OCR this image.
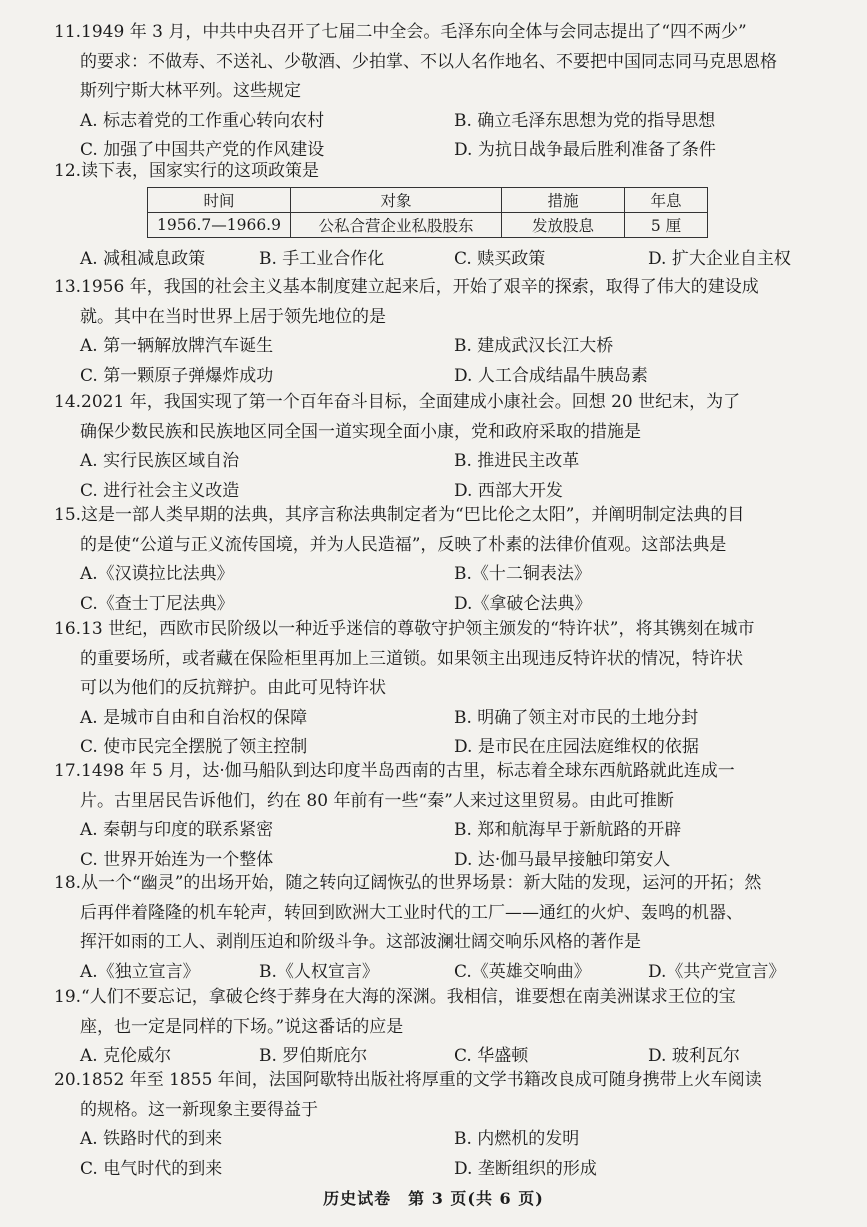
11.1949 年 3 月，中共中央召开了七届二中全会。毛泽东向全体与会同志提出了“四不两少”
的要求：不做寿、不送礼、少敬酒、少拍掌、不以人名作地名、不要把中国同志同马克思恩格
斯列宁斯大林平列。这些规定
A. 标志着党的工作重心转向农村	B. 确立毛泽东思想为党的指导思想
C. 加强了中国共产党的作风建设	D. 为抗日战争最后胜利准备了条件
12.读下表，国家实行的这项政策是
时间	对象	措施	年息
1956.7—1966.9	公私合营企业私股股东	发放股息	5 厘
A. 减租减息政策	B. 手工业合作化	C. 赎买政策	D. 扩大企业自主权
13.1956 年，我国的社会主义基本制度建立起来后，开始了艰辛的探索，取得了伟大的建设成
就。其中在当时世界上居于领先地位的是
A. 第一辆解放牌汽车诞生	B. 建成武汉长江大桥
C. 第一颗原子弹爆炸成功	D. 人工合成结晶牛胰岛素
14.2021 年，我国实现了第一个百年奋斗目标，全面建成小康社会。回想 20 世纪末，为了
确保少数民族和民族地区同全国一道实现全面小康，党和政府采取的措施是
A. 实行民族区域自治	B. 推进民主改革
C. 进行社会主义改造	D. 西部大开发
15.这是一部人类早期的法典，其序言称法典制定者为“巴比伦之太阳”，并阐明制定法典的目
的是使“公道与正义流传国境，并为人民造福”，反映了朴素的法律价值观。这部法典是
A.《汉谟拉比法典》	B.《十二铜表法》
C.《查士丁尼法典》	D.《拿破仑法典》
16.13 世纪，西欧市民阶级以一种近乎迷信的尊敬守护领主颁发的“特许状”，将其镌刻在城市
的重要场所，或者藏在保险柜里再加上三道锁。如果领主出现违反特许状的情况，特许状
可以为他们的反抗辩护。由此可见特许状
A. 是城市自由和自治权的保障	B. 明确了领主对市民的土地分封
C. 使市民完全摆脱了领主控制	D. 是市民在庄园法庭维权的依据
17.1498 年 5 月，达·伽马船队到达印度半岛西南的古里，标志着全球东西航路就此连成一
片。古里居民告诉他们，约在 80 年前有一些“秦”人来过这里贸易。由此可推断
A. 秦朝与印度的联系紧密	B. 郑和航海早于新航路的开辟
C. 世界开始连为一个整体	D. 达·伽马最早接触印第安人
18.从一个“幽灵”的出场开始，随之转向辽阔恢弘的世界场景：新大陆的发现，运河的开拓；然
后再伴着隆隆的机车轮声，转回到欧洲大工业时代的工厂——通红的火炉、轰鸣的机器、
挥汗如雨的工人、剥削压迫和阶级斗争。这部波澜壮阔交响乐风格的著作是
A.《独立宣言》	B.《人权宣言》	C.《英雄交响曲》	D.《共产党宣言》
19.“人们不要忘记，拿破仑终于葬身在大海的深渊。我相信，谁要想在南美洲谋求王位的宝
座，也一定是同样的下场。”说这番话的应是
A. 克伦威尔	B. 罗伯斯庇尔	C. 华盛顿	D. 玻利瓦尔
20.1852 年至 1855 年间，法国阿歇特出版社将厚重的文学书籍改良成可随身携带上火车阅读
的规格。这一新现象主要得益于
A. 铁路时代的到来	B. 内燃机的发明
C. 电气时代的到来	D. 垄断组织的形成
历史试卷　第 3 页(共 6 页)
